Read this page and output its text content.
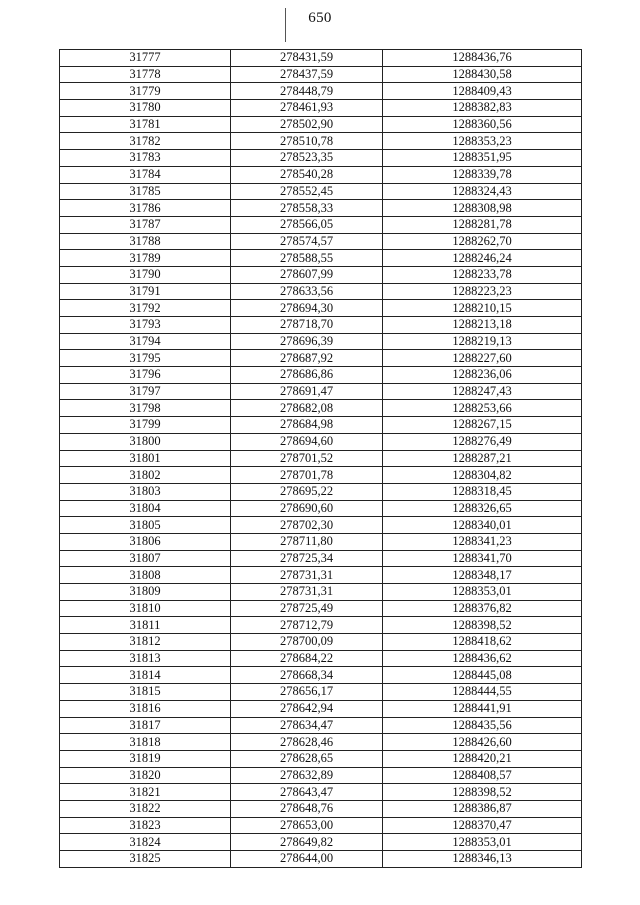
650
31777	278431,59	1288436,76
31778	278437,59	1288430,58
31779	278448,79	1288409,43
31780	278461,93	1288382,83
31781	278502,90	1288360,56
31782	278510,78	1288353,23
31783	278523,35	1288351,95
31784	278540,28	1288339,78
31785	278552,45	1288324,43
31786	278558,33	1288308,98
31787	278566,05	1288281,78
31788	278574,57	1288262,70
31789	278588,55	1288246,24
31790	278607,99	1288233,78
31791	278633,56	1288223,23
31792	278694,30	1288210,15
31793	278718,70	1288213,18
31794	278696,39	1288219,13
31795	278687,92	1288227,60
31796	278686,86	1288236,06
31797	278691,47	1288247,43
31798	278682,08	1288253,66
31799	278684,98	1288267,15
31800	278694,60	1288276,49
31801	278701,52	1288287,21
31802	278701,78	1288304,82
31803	278695,22	1288318,45
31804	278690,60	1288326,65
31805	278702,30	1288340,01
31806	278711,80	1288341,23
31807	278725,34	1288341,70
31808	278731,31	1288348,17
31809	278731,31	1288353,01
31810	278725,49	1288376,82
31811	278712,79	1288398,52
31812	278700,09	1288418,62
31813	278684,22	1288436,62
31814	278668,34	1288445,08
31815	278656,17	1288444,55
31816	278642,94	1288441,91
31817	278634,47	1288435,56
31818	278628,46	1288426,60
31819	278628,65	1288420,21
31820	278632,89	1288408,57
31821	278643,47	1288398,52
31822	278648,76	1288386,87
31823	278653,00	1288370,47
31824	278649,82	1288353,01
31825	278644,00	1288346,13
